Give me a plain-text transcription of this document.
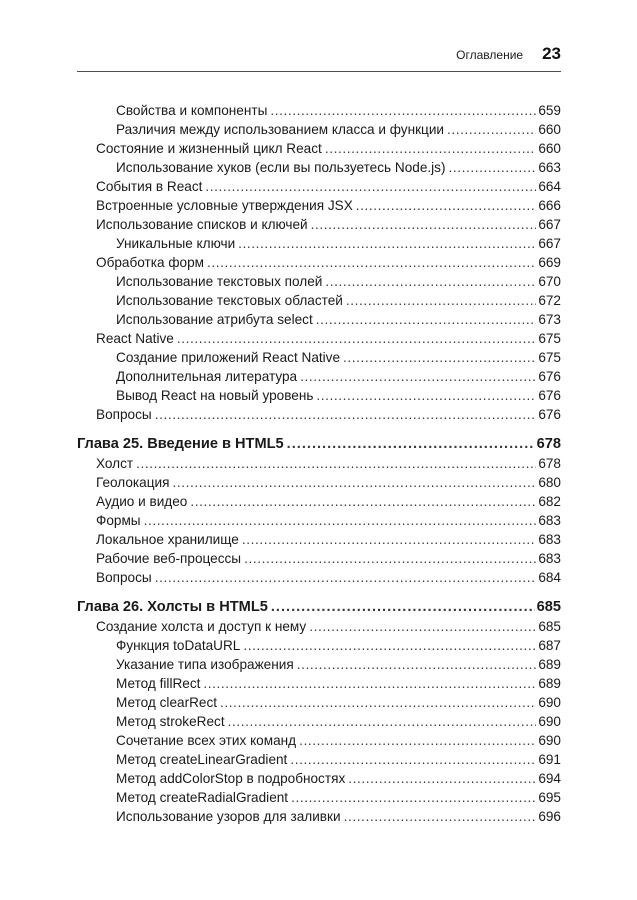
Оглавление 23
Свойства и компоненты .....	659
Различия между использованием класса и функции .....	660
Состояние и жизненный цикл React .....	660
Использование хуков (если вы пользуетесь Node.js) .....	663
События в React .....	664
Встроенные условные утверждения JSX .....	666
Использование списков и ключей .....	667
Уникальные ключи .....	667
Обработка форм .....	669
Использование текстовых полей .....	670
Использование текстовых областей .....	672
Использование атрибута select .....	673
React Native .....	675
Создание приложений React Native .....	675
Дополнительная литература .....	676
Вывод React на новый уровень .....	676
Вопросы .....	676
Глава 25. Введение в HTML5 .....	678
Холст .....	678
Геолокация .....	680
Аудио и видео .....	682
Формы .....	683
Локальное хранилище .....	683
Рабочие веб-процессы .....	683
Вопросы .....	684
Глава 26. Холсты в HTML5 .....	685
Создание холста и доступ к нему .....	685
Функция toDataURL .....	687
Указание типа изображения .....	689
Метод fillRect .....	689
Метод clearRect .....	690
Метод strokeRect .....	690
Сочетание всех этих команд .....	690
Метод createLinearGradient .....	691
Метод addColorStop в подробностях .....	694
Метод createRadialGradient .....	695
Использование узоров для заливки .....	696
